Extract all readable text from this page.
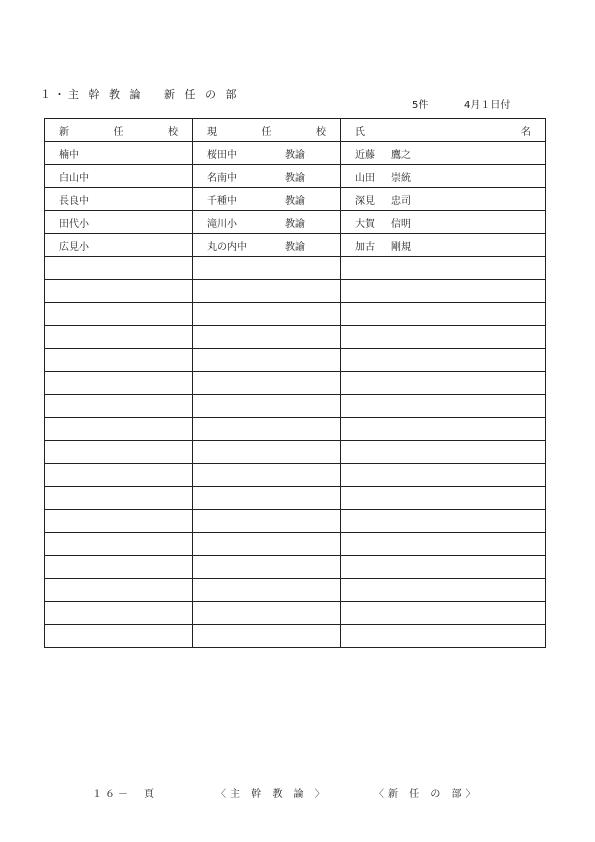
１・主 幹 教 論　 新 任 の 部
5件	4月１日付
新 任 校	現 任 校	氏 名

楠中	桜田中 教諭	近藤 鷹之
白山中	名南中 教諭	山田 崇統
長良中	千種中 教諭	深見 忠司
田代小	滝川小 教諭	大賀 信明
広見小	丸の内中 教諭	加古 剛規

１６－　頁	〈主 幹 教 論 〉	〈新 任 の 部〉
